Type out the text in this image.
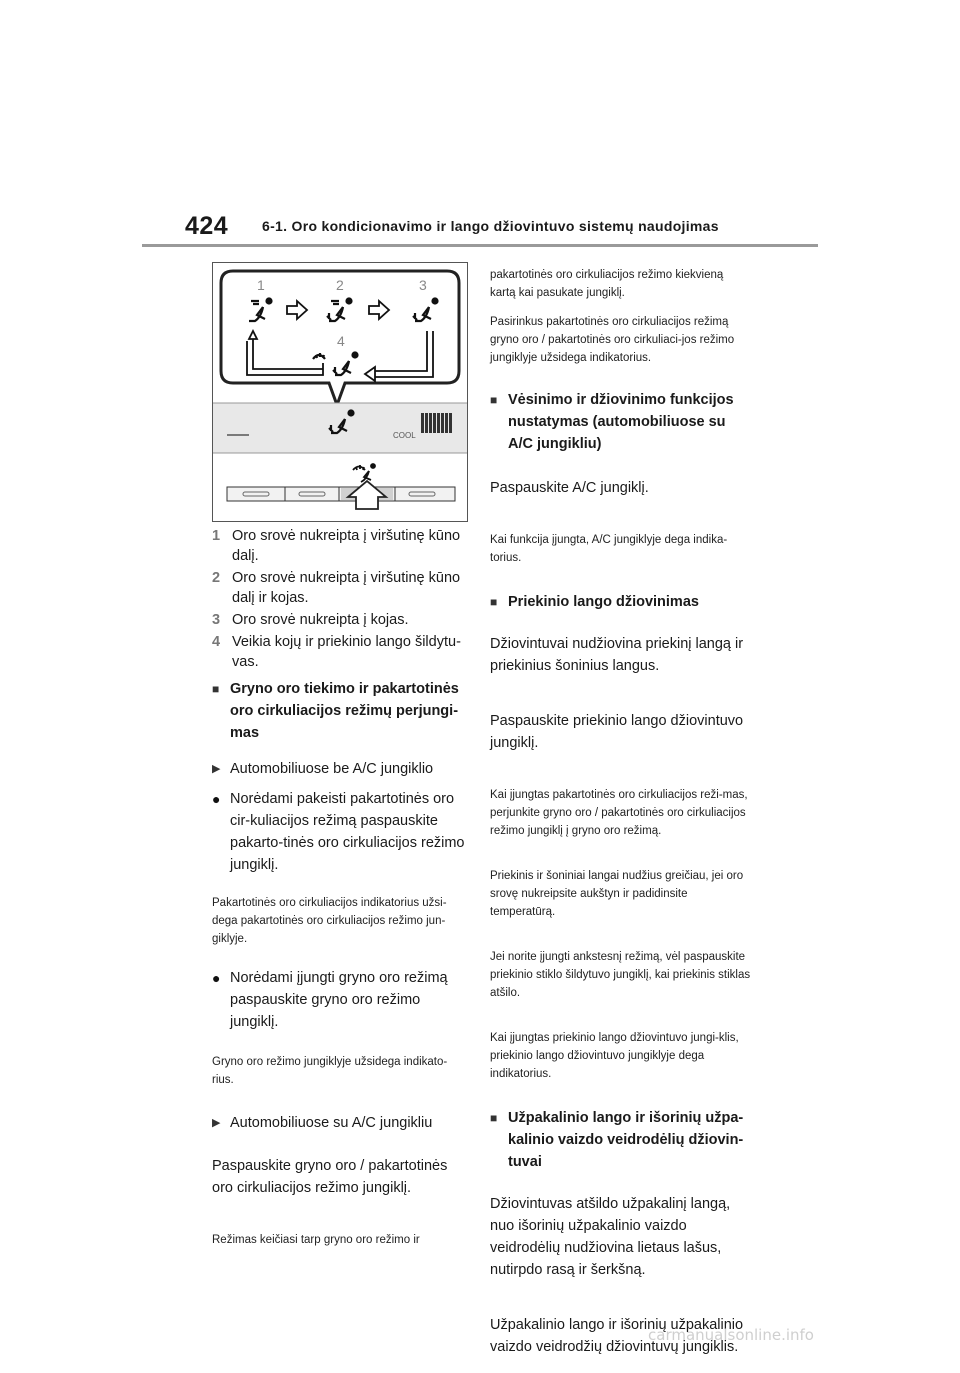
424 6-1. Oro kondicionavimo ir lango džiovintuvo sistemų naudojimas
1	2	3
4
COOL
1 Oro srovė nukreipta į viršutinę kūno dalį.
2 Oro srovė nukreipta į viršutinę kūno dalį ir kojas.
3 Oro srovė nukreipta į kojas.
4 Veikia kojų ir priekinio lango šildytu-vas.
■ Gryno oro tiekimo ir pakartotinės oro cirkuliacijos režimų perjungi-mas
▶ Automobiliuose be A/C jungiklio
● Norėdami pakeisti pakartotinės oro cir-kuliacijos režimą paspauskite pakarto-tinės oro cirkuliacijos režimo jungiklį.

Pakartotinės oro cirkuliacijos indikatorius užsi-dega pakartotinės oro cirkuliacijos režimo jun-giklyje.

● Norėdami įjungti gryno oro režimą paspauskite gryno oro režimo jungiklį.

Gryno oro režimo jungiklyje užsidega indikato-rius.

▶ Automobiliuose su A/C jungikliu

Paspauskite gryno oro / pakartotinės oro cirkuliacijos režimo jungiklį.

Režimas keičiasi tarp gryno oro režimo ir

pakartotinės oro cirkuliacijos režimo kiekvieną kartą kai pasukate jungiklį.

Pasirinkus pakartotinės oro cirkuliacijos režimą gryno oro / pakartotinės oro cirkuliaci-jos režimo jungiklyje užsidega indikatorius.

■ Vėsinimo ir džiovinimo funkcijos nustatymas (automobiliuose su A/C jungikliu)

Paspauskite A/C jungiklį.

Kai funkcija įjungta, A/C jungiklyje dega indika-torius.

■ Priekinio lango džiovinimas

Džiovintuvai nudžiovina priekinį langą ir priekinius šoninius langus.

Paspauskite priekinio lango džiovintuvo jungiklį.

Kai įjungtas pakartotinės oro cirkuliacijos reži-mas, perjunkite gryno oro / pakartotinės oro cirkuliacijos režimo jungiklį į gryno oro režimą.

Priekinis ir šoniniai langai nudžius greičiau, jei oro srovę nukreipsite aukštyn ir padidinsite temperatūrą.

Jei norite įjungti ankstesnį režimą, vėl paspauskite priekinio stiklo šildytuvo jungiklį, kai priekinis stiklas atšilo.

Kai įjungtas priekinio lango džiovintuvo jungi-klis, priekinio lango džiovintuvo jungiklyje dega indikatorius.

■ Užpakalinio lango ir išorinių užpa-kalinio vaizdo veidrodėlių džiovin-tuvai

Džiovintuvas atšildo užpakalinį langą, nuo išorinių užpakalinio vaizdo veidrodėlių nudžiovina lietaus lašus, nutirpdo rasą ir šerkšną.

Užpakalinio lango ir išorinių užpakalinio vaizdo veidrodžių džiovintuvų jungiklis.

carmanualsonline.info
